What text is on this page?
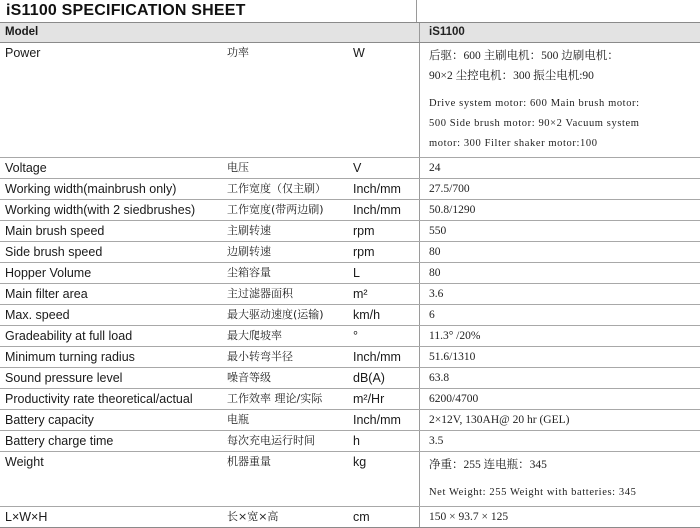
iS1100 SPECIFICATION SHEET
Model			iS1100
Power	功率	W	后驱：600 主刷电机：500 边刷电机：
90×2 尘控电机：300 振尘电机:90
Drive system motor: 600 Main brush motor:
500 Side brush motor: 90×2 Vacuum system
motor: 300 Filter shaker motor:100

Voltage	电压	V	24
Working width(mainbrush only)	工作宽度（仅主刷）	Inch/mm	27.5/700
Working width(with 2 siedbrushes)	工作宽度(带两边刷)	Inch/mm	50.8/1290
Main brush speed	主刷转速	rpm	550
Side brush speed	边刷转速	rpm	80
Hopper Volume	尘箱容量	L	80
Main filter area	主过滤器面积	m²	3.6
Max. speed	最大驱动速度(运输)	km/h	6
Gradeability at full load	最大爬坡率	°	11.3° /20%
Minimum turning radius	最小转弯半径	Inch/mm	51.6/1310
Sound pressure level	噪音等级	dB(A)	63.8
Productivity rate theoretical/actual	工作效率 理论/实际	m²/Hr	6200/4700
Battery capacity	电瓶	Inch/mm	2×12V, 130AH@ 20 hr (GEL)
Battery charge time	每次充电运行时间	h	3.5
Weight	机器重量	kg	净重：255 连电瓶：345
Net Weight: 255 Weight with batteries: 345

L×W×H	长×宽×高	cm	150 × 93.7 × 125
